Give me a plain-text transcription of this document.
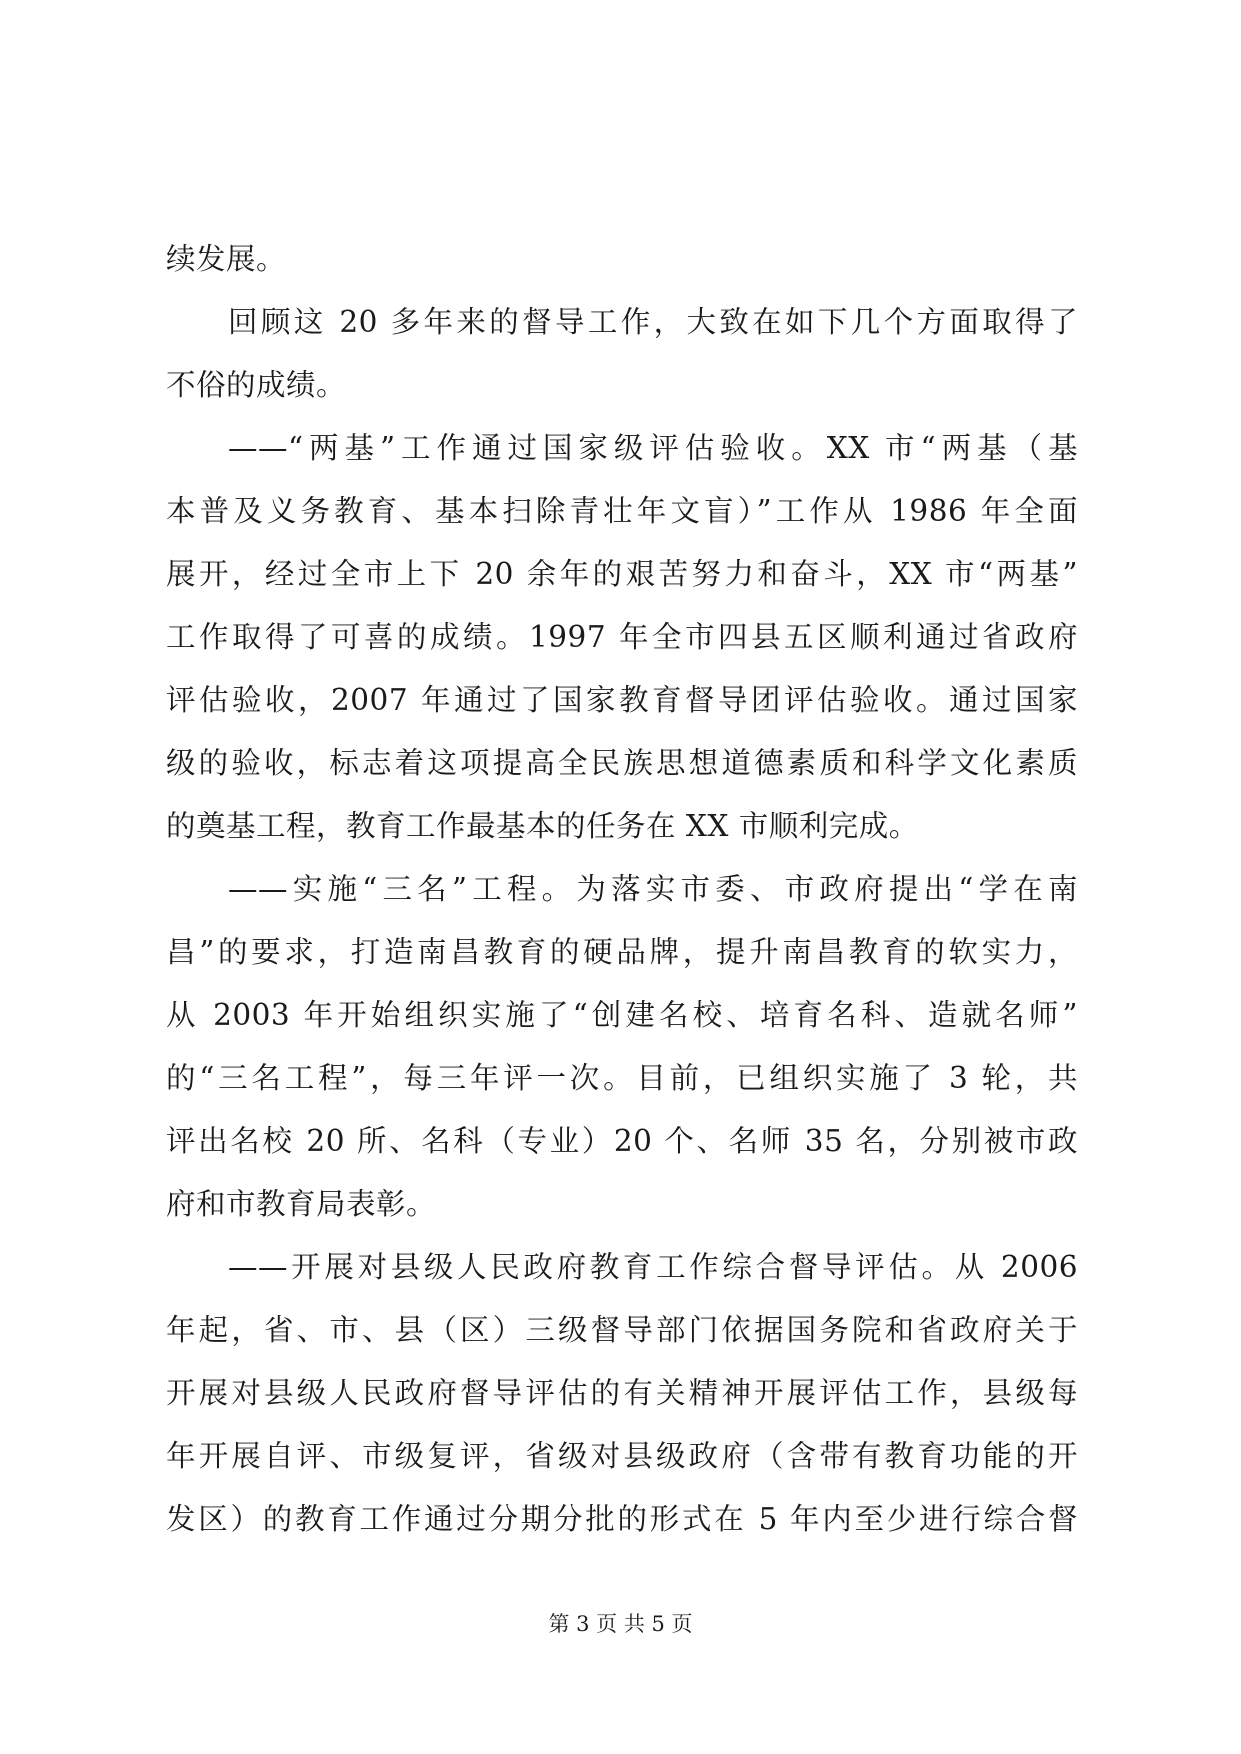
续发展。
回顾这 20 多年来的督导工作，大致在如下几个方面取得了
不俗的成绩。
——“两基”工作通过国家级评估验收。XX 市“两基（基
本普及义务教育、基本扫除青壮年文盲）”工作从 1986 年全面
展开，经过全市上下 20 余年的艰苦努力和奋斗，XX 市“两基”
工作取得了可喜的成绩。1997 年全市四县五区顺利通过省政府
评估验收，2007 年通过了国家教育督导团评估验收。通过国家
级的验收，标志着这项提高全民族思想道德素质和科学文化素质
的奠基工程，教育工作最基本的任务在 XX 市顺利完成。
——实施“三名”工程。为落实市委、市政府提出“学在南
昌”的要求，打造南昌教育的硬品牌，提升南昌教育的软实力，
从 2003 年开始组织实施了“创建名校、培育名科、造就名师”
的“三名工程”，每三年评一次。目前，已组织实施了 3 轮，共
评出名校 20 所、名科（专业）20 个、名师 35 名，分别被市政
府和市教育局表彰。
——开展对县级人民政府教育工作综合督导评估。从 2006
年起，省、市、县（区）三级督导部门依据国务院和省政府关于
开展对县级人民政府督导评估的有关精神开展评估工作，县级每
年开展自评、市级复评，省级对县级政府（含带有教育功能的开
发区）的教育工作通过分期分批的形式在 5 年内至少进行综合督
第 3 页 共 5 页
